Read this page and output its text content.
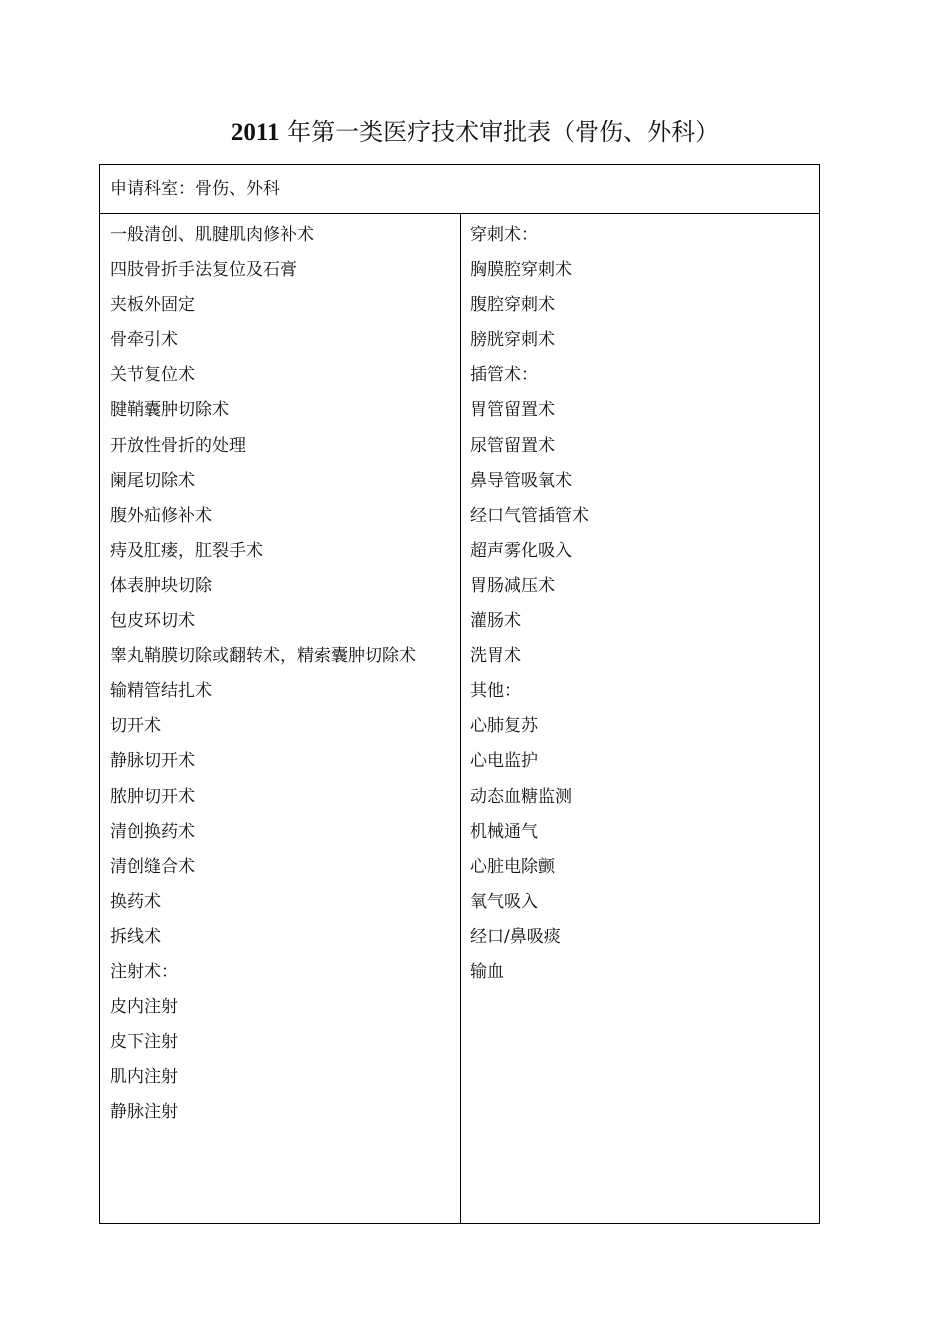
2011 年第一类医疗技术审批表（骨伤、外科）
申请科室：骨伤、外科
一般清创、肌腱肌肉修补术
四肢骨折手法复位及石膏
夹板外固定
骨牵引术
关节复位术
腱鞘囊肿切除术
开放性骨折的处理
阑尾切除术
腹外疝修补术
痔及肛瘘，肛裂手术
体表肿块切除
包皮环切术
睾丸鞘膜切除或翻转术，精索囊肿切除术
输精管结扎术
切开术
静脉切开术
脓肿切开术
清创换药术
清创缝合术
换药术
拆线术
注射术：
皮内注射
皮下注射
肌内注射
静脉注射
穿刺术：
胸膜腔穿刺术
腹腔穿刺术
膀胱穿刺术
插管术：
胃管留置术
尿管留置术
鼻导管吸氧术
经口气管插管术
超声雾化吸入
胃肠减压术
灌肠术
洗胃术
其他：
心肺复苏
心电监护
动态血糖监测
机械通气
心脏电除颤
氧气吸入
经口/鼻吸痰
输血
